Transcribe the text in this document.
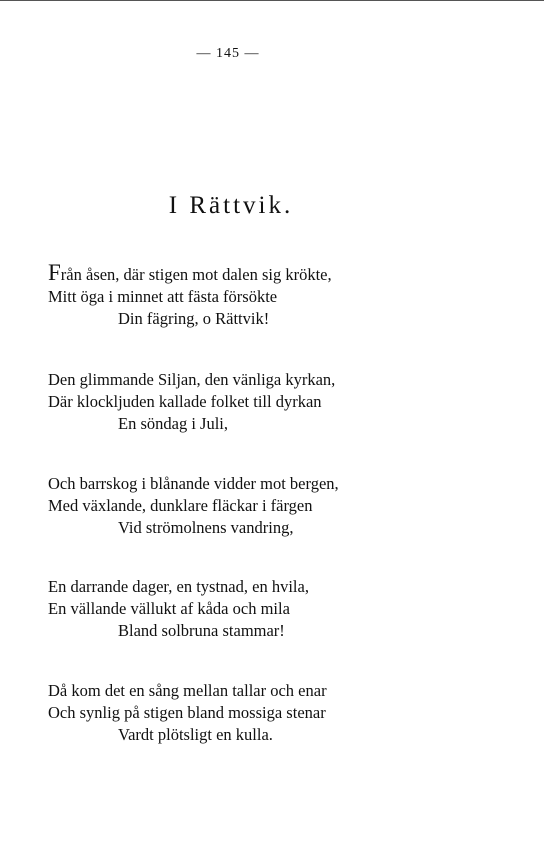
— 145 —
I Rättvik.
Från åsen, där stigen mot dalen sig krökte,
Mitt öga i minnet att fästa försökte
Din fägring, o Rättvik!
Den glimmande Siljan, den vänliga kyrkan,
Där klockljuden kallade folket till dyrkan
En söndag i Juli,
Och barrskog i blånande vidder mot bergen,
Med växlande, dunklare fläckar i färgen
Vid strömolnens vandring,
En darrande dager, en tystnad, en hvila,
En vällande vällukt af kåda och mila
Bland solbruna stammar!
Då kom det en sång mellan tallar och enar
Och synlig på stigen bland mossiga stenar
Vardt plötsligt en kulla.
